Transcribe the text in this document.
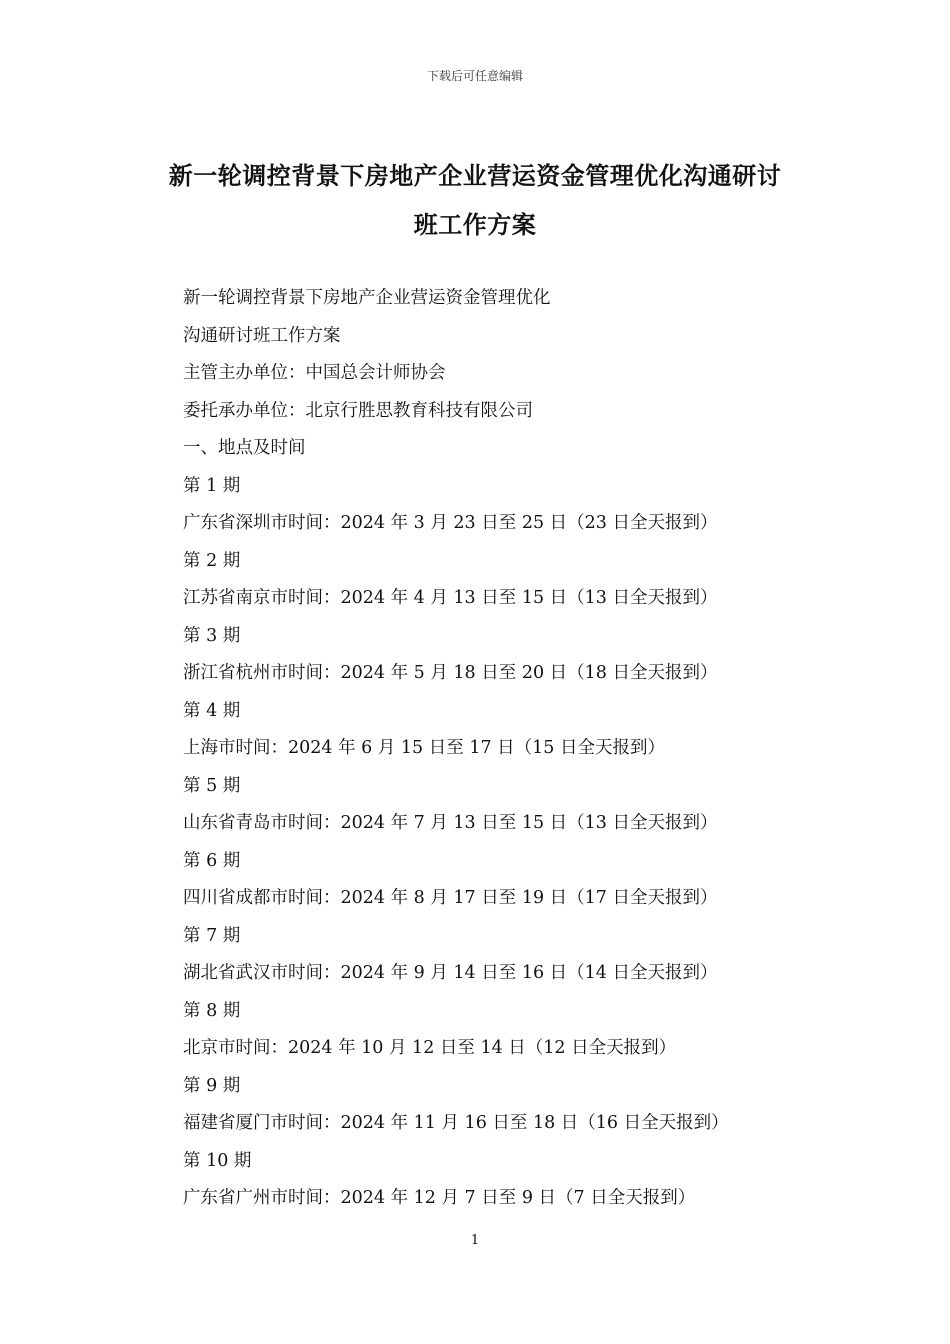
下载后可任意编辑
新一轮调控背景下房地产企业营运资金管理优化沟通研讨
班工作方案
新一轮调控背景下房地产企业营运资金管理优化
沟通研讨班工作方案
主管主办单位：中国总会计师协会
委托承办单位：北京行胜思教育科技有限公司
一、地点及时间
第 1 期
广东省深圳市时间：2024 年 3 月 23 日至 25 日（23 日全天报到）
第 2 期
江苏省南京市时间：2024 年 4 月 13 日至 15 日（13 日全天报到）
第 3 期
浙江省杭州市时间：2024 年 5 月 18 日至 20 日（18 日全天报到）
第 4 期
上海市时间：2024 年 6 月 15 日至 17 日（15 日全天报到）
第 5 期
山东省青岛市时间：2024 年 7 月 13 日至 15 日（13 日全天报到）
第 6 期
四川省成都市时间：2024 年 8 月 17 日至 19 日（17 日全天报到）
第 7 期
湖北省武汉市时间：2024 年 9 月 14 日至 16 日（14 日全天报到）
第 8 期
北京市时间：2024 年 10 月 12 日至 14 日（12 日全天报到）
第 9 期
福建省厦门市时间：2024 年 11 月 16 日至 18 日（16 日全天报到）
第 10 期
广东省广州市时间：2024 年 12 月 7 日至 9 日（7 日全天报到）
1
